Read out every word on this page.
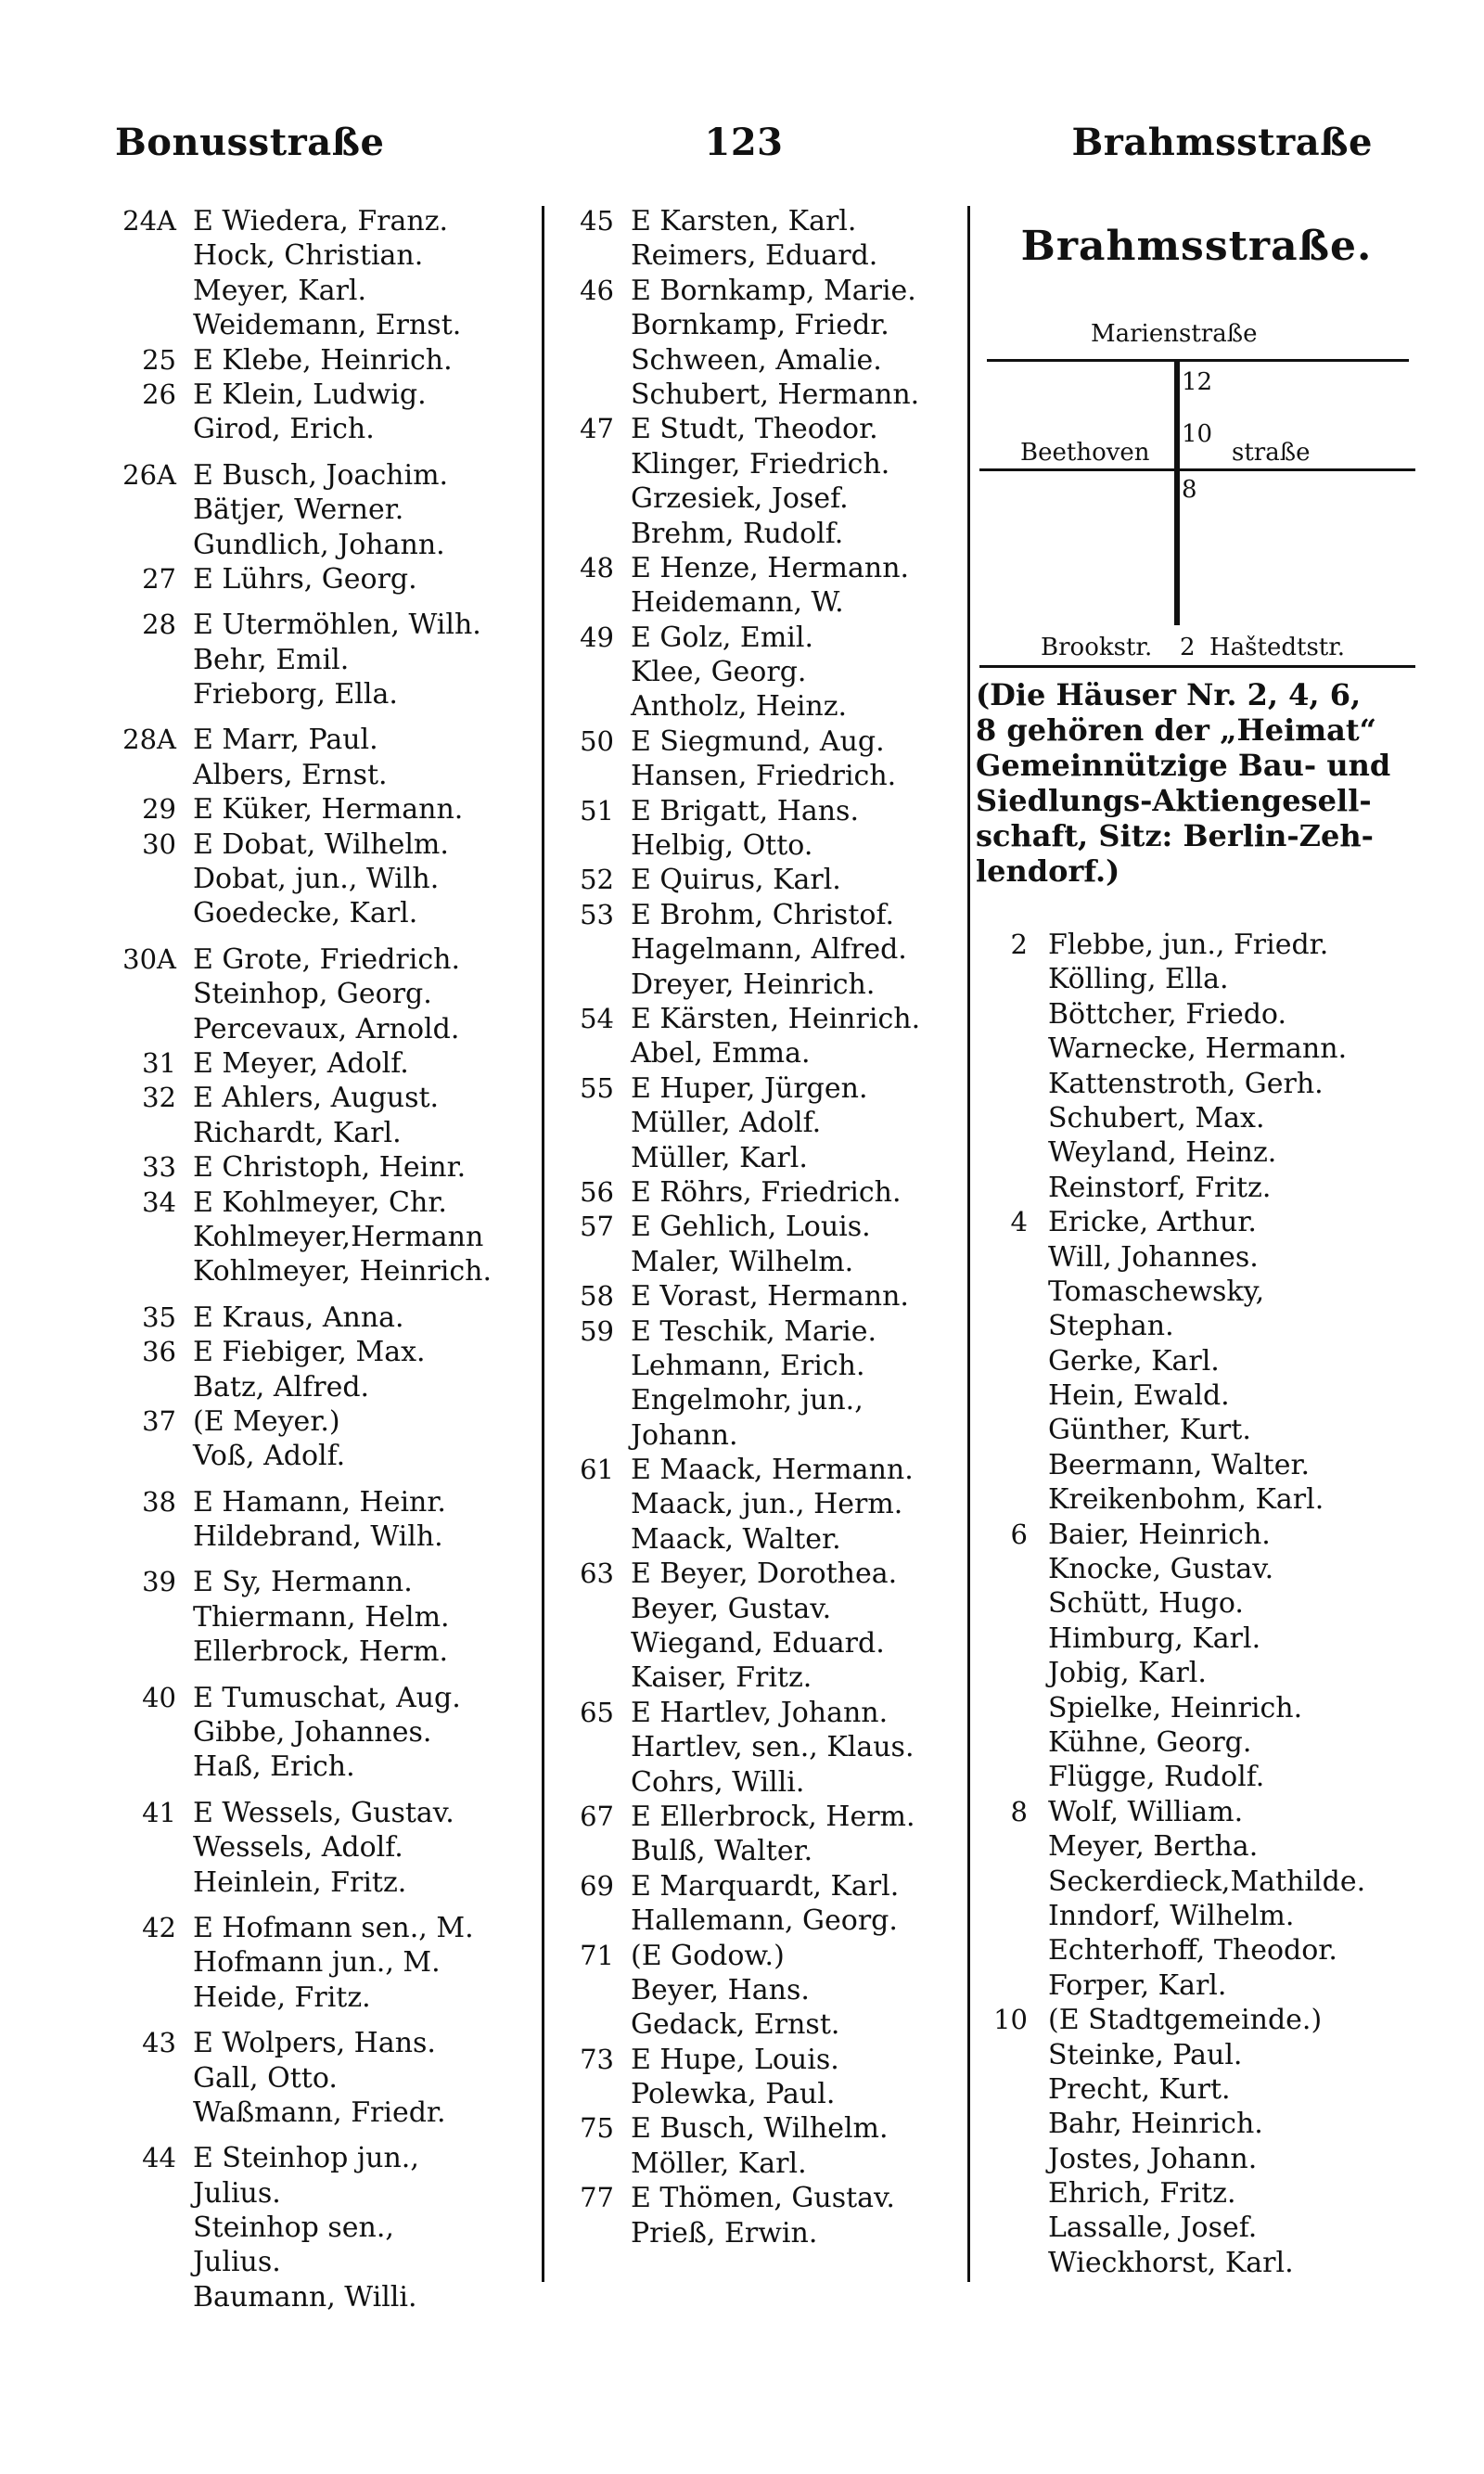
Bonusstraße	123	Brahmsstraße
24A E Wiedera, Franz.
Hock, Christian.
Meyer, Karl.
Weidemann, Ernst.
25 E Klebe, Heinrich.
26 E Klein, Ludwig.
Girod, Erich.
26A E Busch, Joachim.
Bätjer, Werner.
Gundlich, Johann.
27 E Lührs, Georg.
28 E Utermöhlen, Wilh.
Behr, Emil.
Frieborg, Ella.
28A E Marr, Paul.
Albers, Ernst.
29 E Küker, Hermann.
30 E Dobat, Wilhelm.
Dobat, jun., Wilh.
Goedecke, Karl.
30A E Grote, Friedrich.
Steinhop, Georg.
Percevaux, Arnold.
31 E Meyer, Adolf.
32 E Ahlers, August.
Richardt, Karl.
33 E Christoph, Heinr.
34 E Kohlmeyer, Chr.
Kohlmeyer,Hermann
Kohlmeyer, Heinrich.
35 E Kraus, Anna.
36 E Fiebiger, Max.
Batz, Alfred.
37 (E Meyer.)
Voß, Adolf.
38 E Hamann, Heinr.
Hildebrand, Wilh.
39 E Sy, Hermann.
Thiermann, Helm.
Ellerbrock, Herm.
40 E Tumuschat, Aug.
Gibbe, Johannes.
Haß, Erich.
41 E Wessels, Gustav.
Wessels, Adolf.
Heinlein, Fritz.
42 E Hofmann sen., M.
Hofmann jun., M.
Heide, Fritz.
43 E Wolpers, Hans.
Gall, Otto.
Waßmann, Friedr.
44 E Steinhop jun.,
Julius.
Steinhop sen.,
Julius.
Baumann, Willi.
45 E Karsten, Karl.
Reimers, Eduard.
46 E Bornkamp, Marie.
Bornkamp, Friedr.
Schween, Amalie.
Schubert, Hermann.
47 E Studt, Theodor.
Klinger, Friedrich.
Grzesiek, Josef.
Brehm, Rudolf.
48 E Henze, Hermann.
Heidemann, W.
49 E Golz, Emil.
Klee, Georg.
Antholz, Heinz.
50 E Siegmund, Aug.
Hansen, Friedrich.
51 E Brigatt, Hans.
Helbig, Otto.
52 E Quirus, Karl.
53 E Brohm, Christof.
Hagelmann, Alfred.
Dreyer, Heinrich.
54 E Kärsten, Heinrich.
Abel, Emma.
55 E Huper, Jürgen.
Müller, Adolf.
Müller, Karl.
56 E Röhrs, Friedrich.
57 E Gehlich, Louis.
Maler, Wilhelm.
58 E Vorast, Hermann.
59 E Teschik, Marie.
Lehmann, Erich.
Engelmohr, jun.,
Johann.
61 E Maack, Hermann.
Maack, jun., Herm.
Maack, Walter.
63 E Beyer, Dorothea.
Beyer, Gustav.
Wiegand, Eduard.
Kaiser, Fritz.
65 E Hartlev, Johann.
Hartlev, sen., Klaus.
Cohrs, Willi.
67 E Ellerbrock, Herm.
Bulß, Walter.
69 E Marquardt, Karl.
Hallemann, Georg.
71 (E Godow.)
Beyer, Hans.
Gedack, Ernst.
73 E Hupe, Louis.
Polewka, Paul.
75 E Busch, Wilhelm.
Möller, Karl.
77 E Thömen, Gustav.
Prieß, Erwin.
Brahmsstraße.
Marienstraße
12
10
8
Beethoven	straße
Brookstr. 2 Haštedtstr.
(Die Häuser Nr. 2, 4, 6,
8 gehören der „Heimat“
Gemeinnützige Bau- und
Siedlungs-Aktiengesell-
schaft, Sitz: Berlin-Zeh-
lendorf.)
2 Flebbe, jun., Friedr.
Kölling, Ella.
Böttcher, Friedo.
Warnecke, Hermann.
Kattenstroth, Gerh.
Schubert, Max.
Weyland, Heinz.
Reinstorf, Fritz.
4 Ericke, Arthur.
Will, Johannes.
Tomaschewsky,
Stephan.
Gerke, Karl.
Hein, Ewald.
Günther, Kurt.
Beermann, Walter.
Kreikenbohm, Karl.
6 Baier, Heinrich.
Knocke, Gustav.
Schütt, Hugo.
Himburg, Karl.
Jobig, Karl.
Spielke, Heinrich.
Kühne, Georg.
Flügge, Rudolf.
8 Wolf, William.
Meyer, Bertha.
Seckerdieck,Mathilde.
Inndorf, Wilhelm.
Echterhoff, Theodor.
Forper, Karl.
10 (E Stadtgemeinde.)
Steinke, Paul.
Precht, Kurt.
Bahr, Heinrich.
Jostes, Johann.
Ehrich, Fritz.
Lassalle, Josef.
Wieckhorst, Karl.
